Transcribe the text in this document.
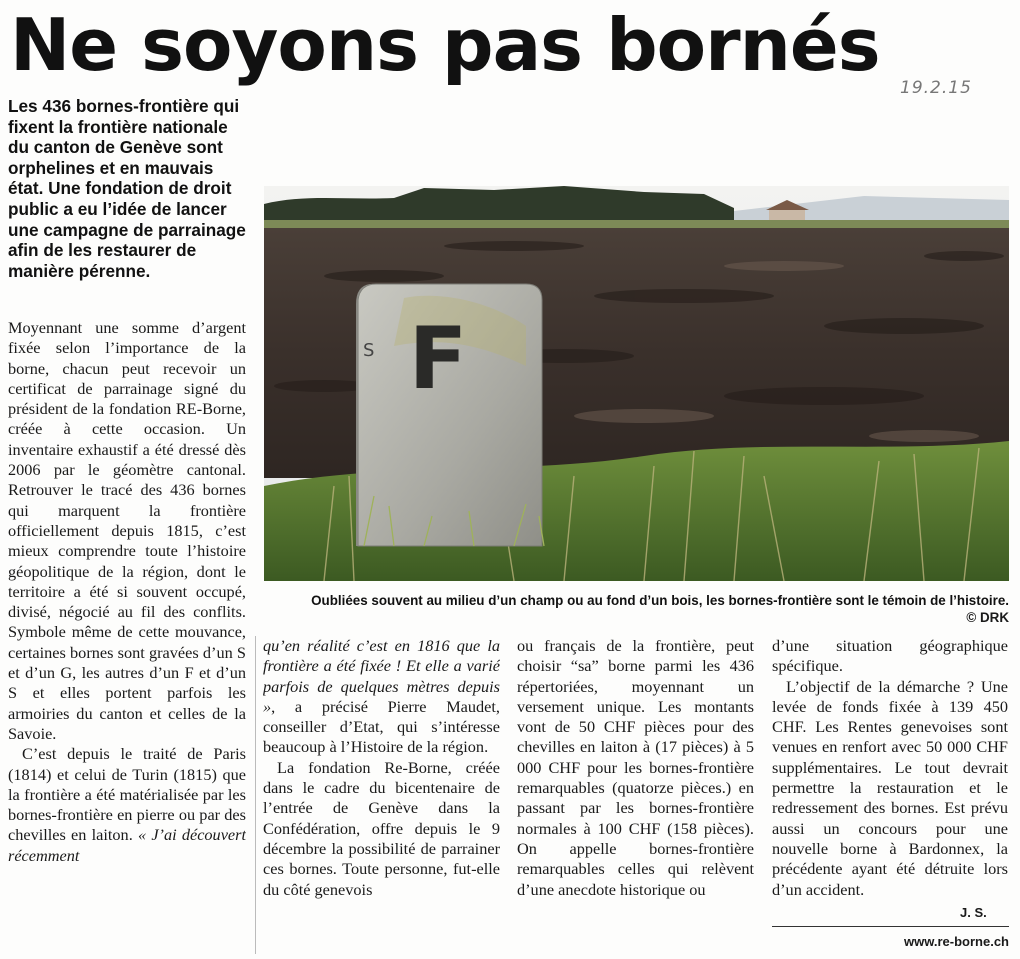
Ne soyons pas bornés
19.2.15
Les 436 bornes-frontière qui fixent la frontière nationale du canton de Genève sont orphelines et en mauvais état. Une fondation de droit public a eu l’idée de lancer une campagne de parrainage afin de les restaurer de manière pérenne.
F
S
Oubliées souvent au milieu d’un champ ou au fond d’un bois, les bornes-frontière sont le témoin de l’histoire.
© DRK

Moyennant une somme d’argent fixée selon l’importance de la borne, chacun peut recevoir un certificat de parrainage signé du président de la fondation RE-Borne, créée à cette occasion. Un inventaire exhaustif a été dressé dès 2006 par le géomètre cantonal. Retrouver le tracé des 436 bornes qui marquent la frontière officiellement depuis 1815, c’est mieux comprendre toute l’histoire géopolitique de la région, dont le territoire a été si souvent occupé, divisé, négocié au fil des conflits. Symbole même de cette mouvance, certaines bornes sont gravées d’un S et d’un G, les autres d’un F et d’un S et elles portent parfois les armoiries du canton et celles de la Savoie.

C’est depuis le traité de Paris (1814) et celui de Turin (1815) que la frontière a été matérialisée par les bornes-frontière en pierre ou par des chevilles en laiton. « J’ai découvert récemment

qu’en réalité c’est en 1816 que la frontière a été fixée ! Et elle a varié parfois de quelques mètres depuis », a précisé Pierre Maudet, conseiller d’Etat, qui s’intéresse beaucoup à l’Histoire de la région.

La fondation Re-Borne, créée dans le cadre du bicentenaire de l’entrée de Genève dans la Confédération, offre depuis le 9 décembre la possibilité de parrainer ces bornes. Toute personne, fut-elle du côté genevois

ou français de la frontière, peut choisir “sa” borne parmi les 436 répertoriées, moyennant un versement unique. Les montants vont de 50 CHF pièces pour des chevilles en laiton à (17 pièces) à 5 000 CHF pour les bornes-frontière remarquables (quatorze pièces.) en passant par les bornes-frontière normales à 100 CHF (158 pièces). On appelle bornes-frontière remarquables celles qui relèvent d’une anecdote historique ou

d’une situation géographique spécifique.

L’objectif de la démarche ? Une levée de fonds fixée à 139 450 CHF. Les Rentes genevoises sont venues en renfort avec 50 000 CHF supplémentaires. Le tout devrait permettre la restauration et le redressement des bornes. Est prévu aussi un concours pour une nouvelle borne à Bardonnex, la précédente ayant été détruite lors d’un accident.

J. S.
www.re-borne.ch
